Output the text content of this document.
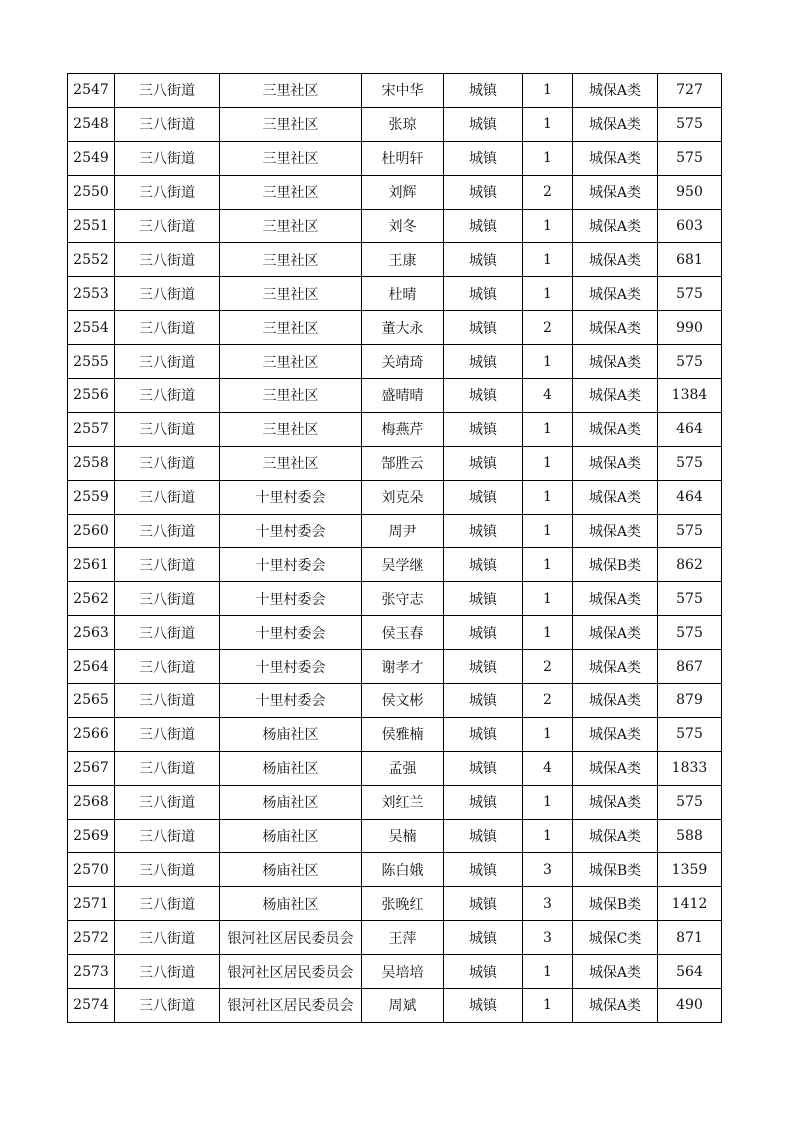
2547	三八街道	三里社区	宋中华	城镇	1	城保A类	727
2548	三八街道	三里社区	张琼	城镇	1	城保A类	575
2549	三八街道	三里社区	杜明轩	城镇	1	城保A类	575
2550	三八街道	三里社区	刘辉	城镇	2	城保A类	950
2551	三八街道	三里社区	刘冬	城镇	1	城保A类	603
2552	三八街道	三里社区	王康	城镇	1	城保A类	681
2553	三八街道	三里社区	杜晴	城镇	1	城保A类	575
2554	三八街道	三里社区	董大永	城镇	2	城保A类	990
2555	三八街道	三里社区	关靖琦	城镇	1	城保A类	575
2556	三八街道	三里社区	盛晴晴	城镇	4	城保A类	1384
2557	三八街道	三里社区	梅燕芹	城镇	1	城保A类	464
2558	三八街道	三里社区	郜胜云	城镇	1	城保A类	575
2559	三八街道	十里村委会	刘克朵	城镇	1	城保A类	464
2560	三八街道	十里村委会	周尹	城镇	1	城保A类	575
2561	三八街道	十里村委会	吴学继	城镇	1	城保B类	862
2562	三八街道	十里村委会	张守志	城镇	1	城保A类	575
2563	三八街道	十里村委会	侯玉春	城镇	1	城保A类	575
2564	三八街道	十里村委会	谢孝才	城镇	2	城保A类	867
2565	三八街道	十里村委会	侯文彬	城镇	2	城保A类	879
2566	三八街道	杨庙社区	侯雅楠	城镇	1	城保A类	575
2567	三八街道	杨庙社区	孟强	城镇	4	城保A类	1833
2568	三八街道	杨庙社区	刘红兰	城镇	1	城保A类	575
2569	三八街道	杨庙社区	吴楠	城镇	1	城保A类	588
2570	三八街道	杨庙社区	陈白娥	城镇	3	城保B类	1359
2571	三八街道	杨庙社区	张晚红	城镇	3	城保B类	1412
2572	三八街道	银河社区居民委员会	王萍	城镇	3	城保C类	871
2573	三八街道	银河社区居民委员会	吴培培	城镇	1	城保A类	564
2574	三八街道	银河社区居民委员会	周斌	城镇	1	城保A类	490
